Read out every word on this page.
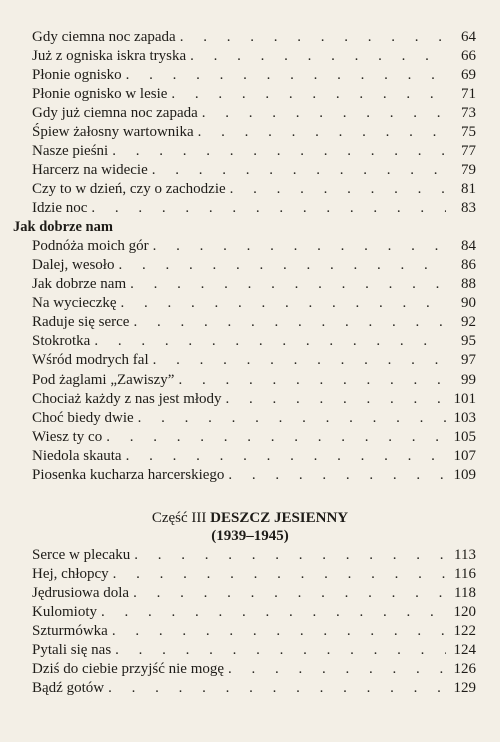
Gdy ciemna noc zapada . . .	64
Już z ogniska iskra tryska . . .	66
Płonie ognisko . . .	69
Płonie ognisko w lesie . . .	71
Gdy już ciemna noc zapada . . .	73
Śpiew żałosny wartownika . . .	75
Nasze pieśni . . .	77
Harcerz na widecie . . .	79
Czy to w dzień, czy o zachodzie . . .	81
Idzie noc . . .	83
Jak dobrze nam
Podnóża moich gór . . .	84
Dalej, wesoło . . .	86
Jak dobrze nam . . .	88
Na wycieczkę . . .	90
Raduje się serce . . .	92
Stokrotka . . .	95
Wśród modrych fal . . .	97
Pod żaglami „Zawiszy” . . .	99
Chociaż każdy z nas jest młody . . .	101
Choć biedy dwie . . .	103
Wiesz ty co . . .	105
Niedola skauta . . .	107
Piosenka kucharza harcerskiego . . .	109
Część III DESZCZ JESIENNY
(1939–1945)
Serce w plecaku . . .	113
Hej, chłopcy . . .	116
Jędrusiowa dola . . .	118
Kulomioty . . .	120
Szturmówka . . .	122
Pytali się nas . . .	124
Dziś do ciebie przyjść nie mogę . . .	126
Bądź gotów . . .	129
